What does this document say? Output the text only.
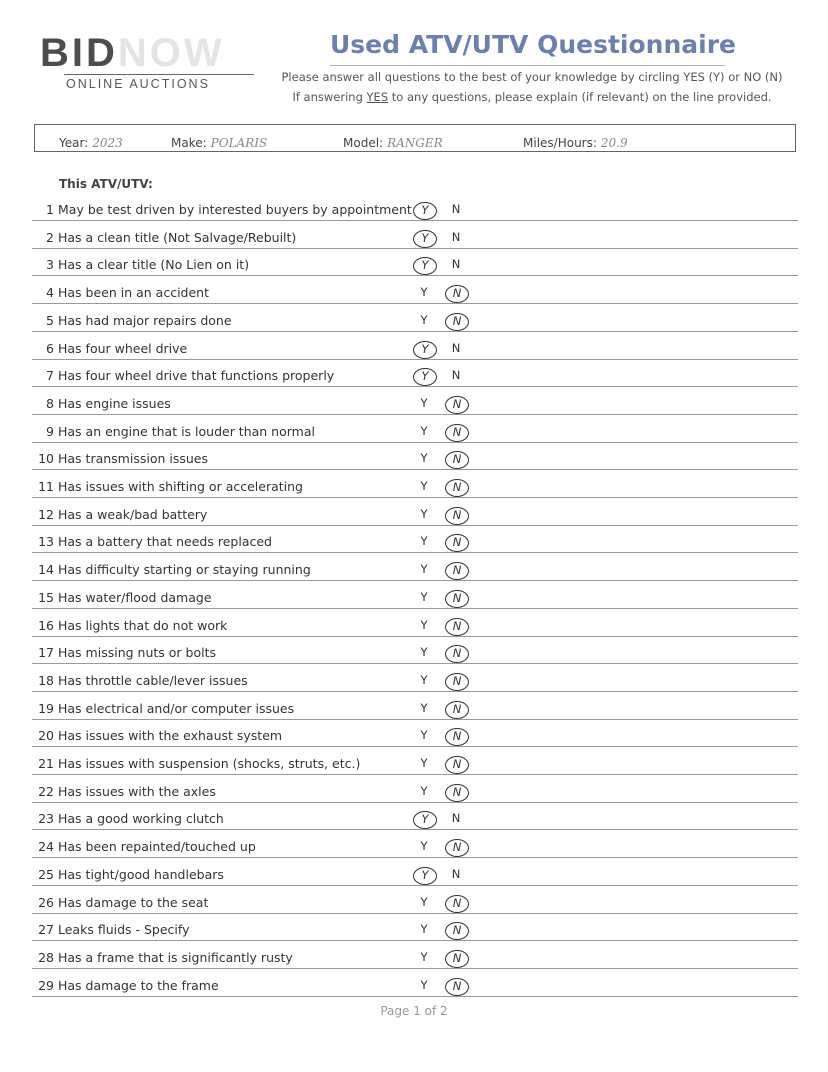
BIDNOW
ONLINE AUCTIONS
Used ATV/UTV Questionnaire
Please answer all questions to the best of your knowledge by circling YES (Y) or NO (N)
If answering YES to any questions, please explain (if relevant) on the line provided.
Year: 2023	Make: POLARIS	Model: RANGER	Miles/Hours: 20.9
This ATV/UTV:
1 May be test driven by interested buyers by appointment Y	N
2 Has a clean title (Not Salvage/Rebuilt)	Y	N
3 Has a clear title (No Lien on it)	Y	N
4 Has been in an accident	Y	N
5 Has had major repairs done	Y	N
6 Has four wheel drive	Y	N
7 Has four wheel drive that functions properly	Y	N
8 Has engine issues	Y	N
9 Has an engine that is louder than normal	Y	N
10 Has transmission issues	Y	N
11 Has issues with shifting or accelerating	Y	N
12 Has a weak/bad battery	Y	N
13 Has a battery that needs replaced	Y	N
14 Has difficulty starting or staying running	Y	N
15 Has water/flood damage	Y	N
16 Has lights that do not work	Y	N
17 Has missing nuts or bolts	Y	N
18 Has throttle cable/lever issues	Y	N
19 Has electrical and/or computer issues	Y	N
20 Has issues with the exhaust system	Y	N
21 Has issues with suspension (shocks, struts, etc.)	Y	N
22 Has issues with the axles	Y	N
23 Has a good working clutch	Y	N
24 Has been repainted/touched up	Y	N
25 Has tight/good handlebars	Y	N
26 Has damage to the seat	Y	N
27 Leaks fluids - Specify	Y	N
28 Has a frame that is significantly rusty	Y	N
29 Has damage to the frame	Y	N
Page 1 of 2
